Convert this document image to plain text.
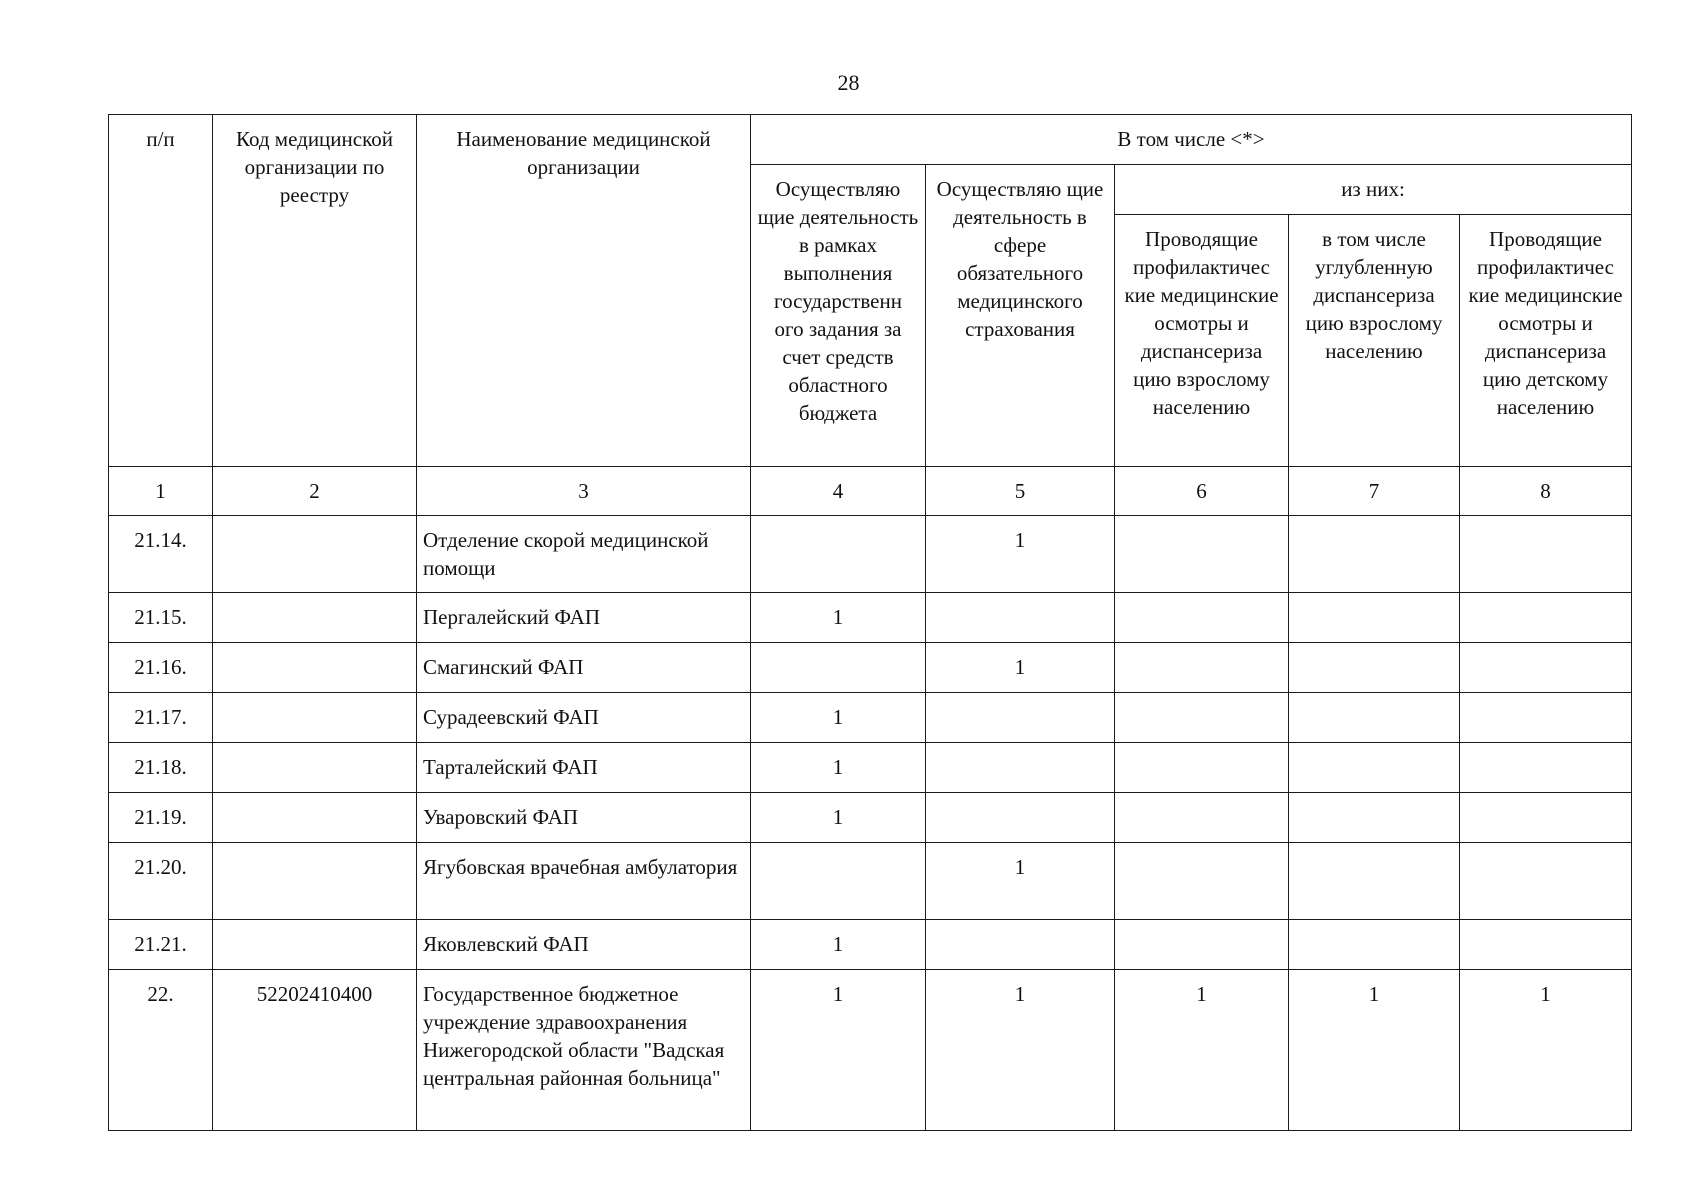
28
п/п	Код медицинской организации по реестру	Наименование медицинской организации	В том числе <*>				
			Осуществляю щие деятельность в рамках выполнения государственн ого задания за счет средств областного бюджета	Осуществляю щие деятельность в сфере обязательного медицинского страхования	из них:		
					Проводящие профилактичес кие медицинские осмотры и диспансериза цию взрослому населению	в том числе углубленную диспансериза цию взрослому населению	Проводящие профилактичес кие медицинские осмотры и диспансериза цию детскому населению
1	2	3	4	5	6	7	8
21.14.		Отделение скорой медицинской помощи		1			
21.15.		Пергалейский ФАП	1				
21.16.		Смагинский ФАП		1			
21.17.		Сурадеевский ФАП	1				
21.18.		Тарталейский ФАП	1				
21.19.		Уваровский ФАП	1				
21.20.		Ягубовская врачебная амбулатория		1			
21.21.		Яковлевский ФАП	1				
22.	52202410400	Государственное бюджетное учреждение здравоохранения Нижегородской области "Вадская центральная районная больница"	1	1	1	1	1
